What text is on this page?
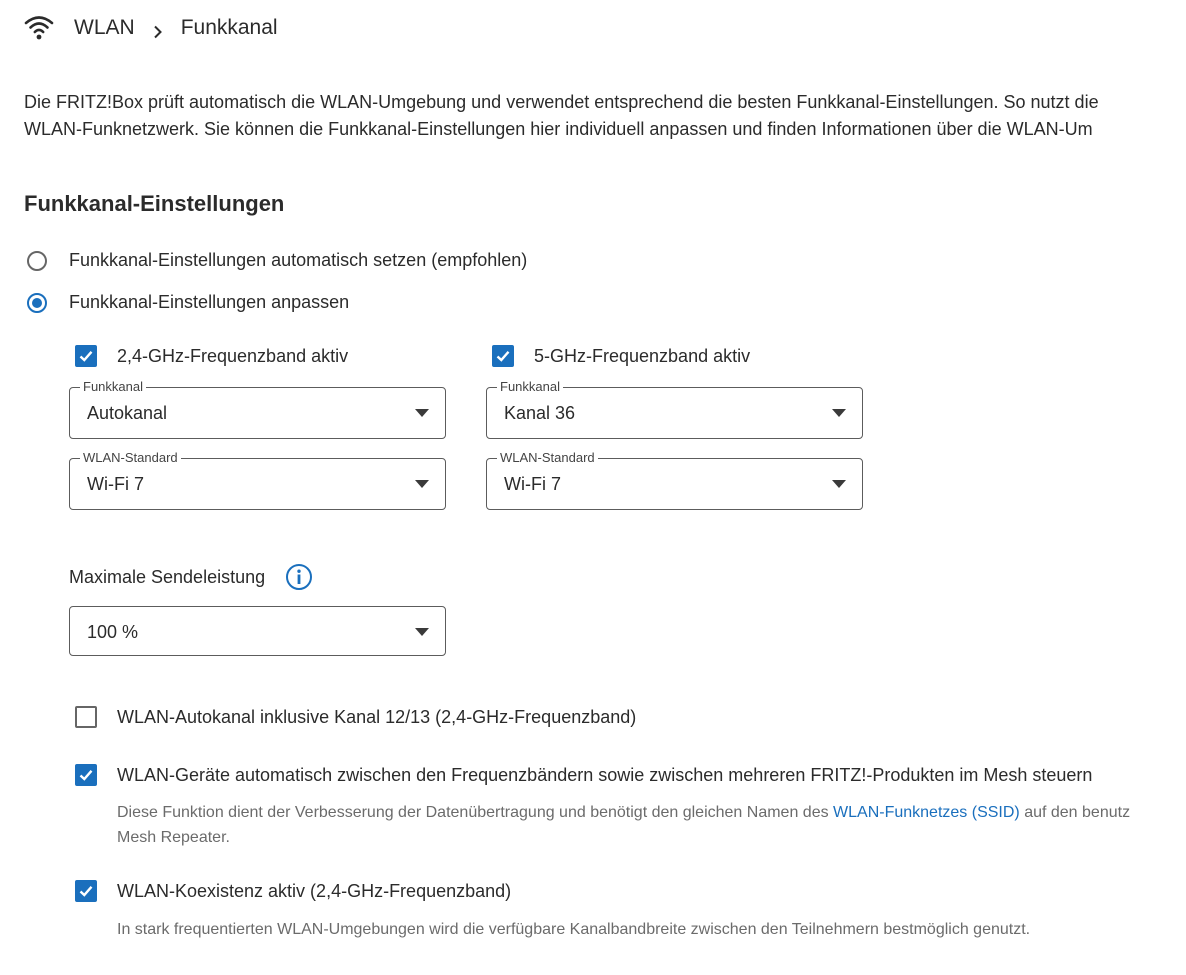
WLAN Funkkanal
Die FRITZ!Box prüft automatisch die WLAN-Umgebung und verwendet entsprechend die besten Funkkanal-Einstellungen. So nutzt die
WLAN-Funknetzwerk. Sie können die Funkkanal-Einstellungen hier individuell anpassen und finden Informationen über die WLAN-Um
Funkkanal-Einstellungen
Funkkanal-Einstellungen automatisch setzen (empfohlen)
Funkkanal-Einstellungen anpassen
2,4-GHz-Frequenzband aktiv
Funkkanal
Autokanal
WLAN-Standard
Wi-Fi 7
5-GHz-Frequenzband aktiv
Funkkanal
Kanal 36
WLAN-Standard
Wi-Fi 7
Maximale Sendeleistung
100 %
WLAN-Autokanal inklusive Kanal 12/13 (2,4-GHz-Frequenzband)
WLAN-Geräte automatisch zwischen den Frequenzbändern sowie zwischen mehreren FRITZ!-Produkten im Mesh steuern
Diese Funktion dient der Verbesserung der Datenübertragung und benötigt den gleichen Namen des WLAN-Funknetzes (SSID) auf den benutz
Mesh Repeater.
WLAN-Koexistenz aktiv (2,4-GHz-Frequenzband)
In stark frequentierten WLAN-Umgebungen wird die verfügbare Kanalbandbreite zwischen den Teilnehmern bestmöglich genutzt.
